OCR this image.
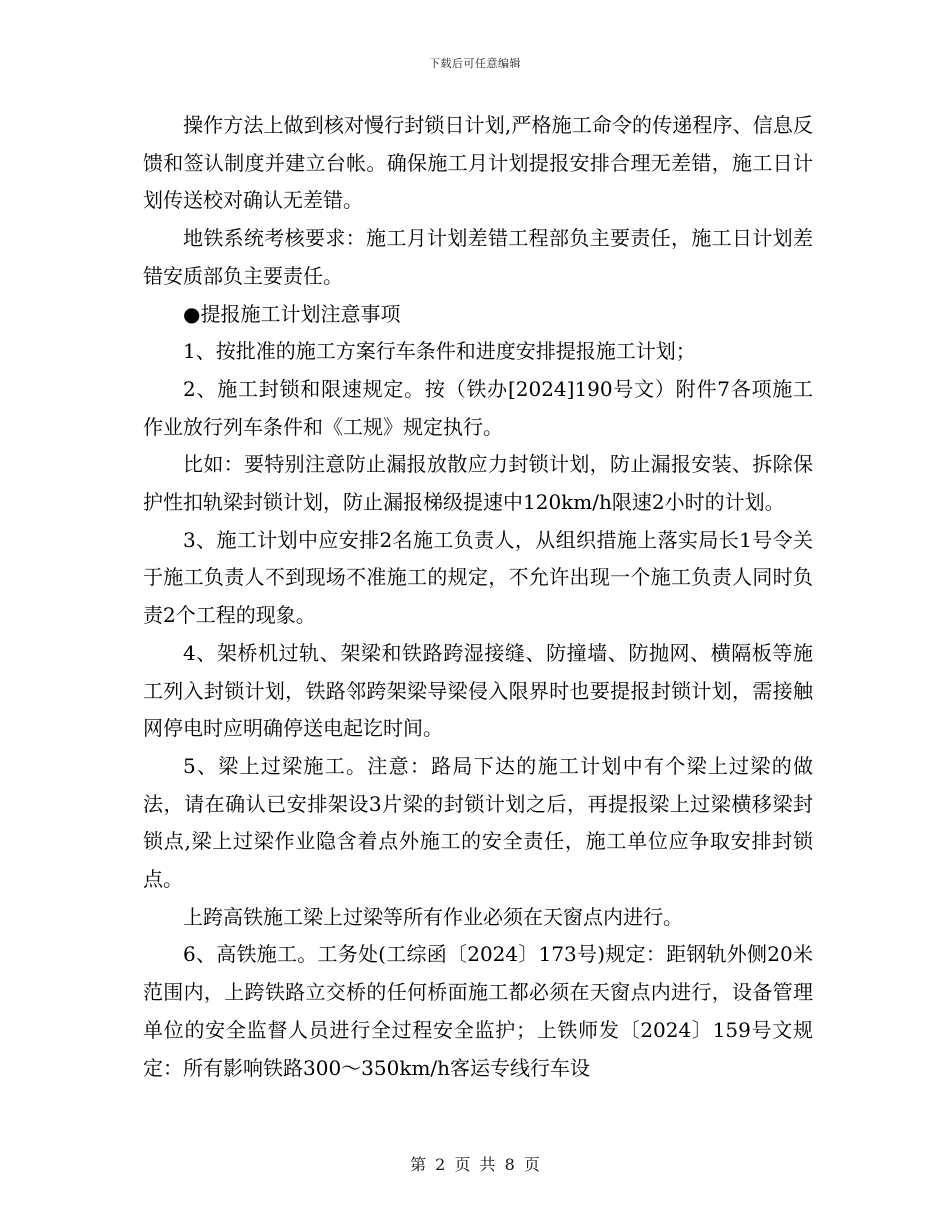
下载后可任意编辑

操作方法上做到核对慢行封锁日计划,严格施工命令的传递程序、信息反馈和签认制度并建立台帐。确保施工月计划提报安排合理无差错，施工日计划传送校对确认无差错。

地铁系统考核要求：施工月计划差错工程部负主要责任，施工日计划差错安质部负主要责任。

●提报施工计划注意事项

1、按批准的施工方案行车条件和进度安排提报施工计划；

2、施工封锁和限速规定。按（铁办[2024]190号文）附件7各项施工作业放行列车条件和《工规》规定执行。

比如：要特别注意防止漏报放散应力封锁计划，防止漏报安装、拆除保护性扣轨梁封锁计划，防止漏报梯级提速中120km/h限速2小时的计划。

3、施工计划中应安排2名施工负责人，从组织措施上落实局长1号令关于施工负责人不到现场不准施工的规定，不允许出现一个施工负责人同时负责2个工程的现象。

4、架桥机过轨、架梁和铁路跨湿接缝、防撞墙、防抛网、横隔板等施工列入封锁计划，铁路邻跨架梁导梁侵入限界时也要提报封锁计划，需接触网停电时应明确停送电起讫时间。

5、梁上过梁施工。注意：路局下达的施工计划中有个梁上过梁的做法，请在确认已安排架设3片梁的封锁计划之后，再提报梁上过梁横移梁封锁点,梁上过梁作业隐含着点外施工的安全责任，施工单位应争取安排封锁点。

上跨高铁施工梁上过梁等所有作业必须在天窗点内进行。

6、高铁施工。工务处(工综函〔2024〕173号)规定：距钢轨外侧20米范围内，上跨铁路立交桥的任何桥面施工都必须在天窗点内进行，设备管理单位的安全监督人员进行全过程安全监护；上铁师发〔2024〕159号文规定：所有影响铁路300～350km/h客运专线行车设

第 2 页 共 8 页
